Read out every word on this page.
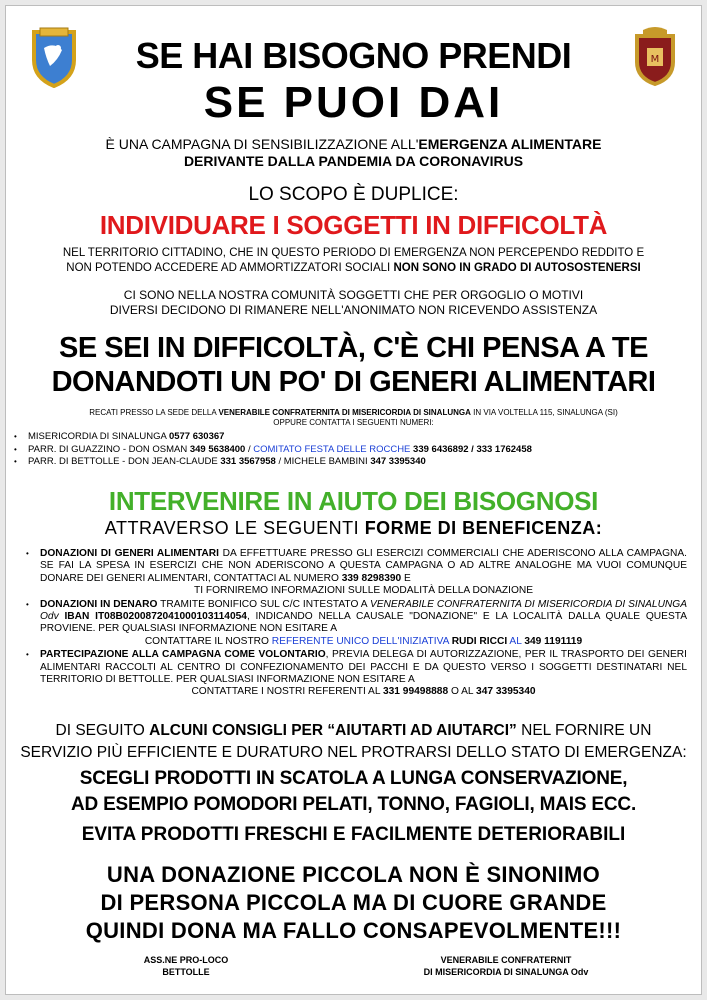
M
SE HAI BISOGNO PRENDI
SE PUOI DAI
È UNA CAMPAGNA DI SENSIBILIZZAZIONE ALL'EMERGENZA ALIMENTARE
DERIVANTE DALLA PANDEMIA DA CORONAVIRUS
LO SCOPO È DUPLICE:
INDIVIDUARE I SOGGETTI IN DIFFICOLTÀ
NEL TERRITORIO CITTADINO, CHE IN QUESTO PERIODO DI EMERGENZA NON PERCEPENDO REDDITO E
NON POTENDO ACCEDERE AD AMMORTIZZATORI SOCIALI NON SONO IN GRADO DI AUTOSOSTENERSI
CI SONO NELLA NOSTRA COMUNITÀ SOGGETTI CHE PER ORGOGLIO O MOTIVI
DIVERSI DECIDONO DI RIMANERE NELL'ANONIMATO NON RICEVENDO ASSISTENZA
SE SEI IN DIFFICOLTÀ, C'È CHI PENSA A TE
DONANDOTI UN PO' DI GENERI ALIMENTARI
RECATI PRESSO LA SEDE DELLA VENERABILE CONFRATERNITA DI MISERICORDIA DI SINALUNGA IN VIA VOLTELLA 115, SINALUNGA (SI)
OPPURE CONTATTA I SEGUENTI NUMERI:
• MISERICORDIA DI SINALUNGA 0577 630367
• PARR. DI GUAZZINO - DON OSMAN 349 5638400 / COMITATO FESTA DELLE ROCCHE 339 6436892 / 333 1762458
• PARR. DI BETTOLLE - DON JEAN-CLAUDE 331 3567958 / MICHELE BAMBINI 347 3395340
INTERVENIRE IN AIUTO DEI BISOGNOSI
ATTRAVERSO LE SEGUENTI FORME DI BENEFICENZA:
• DONAZIONI DI GENERI ALIMENTARI DA EFFETTUARE PRESSO GLI ESERCIZI COMMERCIALI CHE ADERISCONO ALLA CAMPAGNA. SE FAI LA SPESA IN ESERCIZI CHE NON ADERISCONO A QUESTA CAMPAGNA O AD ALTRE ANALOGHE MA VUOI COMUNQUE DONARE DEI GENERI ALIMENTARI, CONTATTACI AL NUMERO 339 8298390 E
TI FORNIREMO INFORMAZIONI SULLE MODALITÀ DELLA DONAZIONE
• DONAZIONI IN DENARO TRAMITE BONIFICO SUL C/C INTESTATO A VENERABILE CONFRATERNITA DI MISERICORDIA DI SINALUNGA Odv IBAN IT08B0200872041000103114054, INDICANDO NELLA CAUSALE "DONAZIONE" E LA LOCALITÀ DALLA QUALE QUESTA PROVIENE. PER QUALSIASI INFORMAZIONE NON ESITARE A
CONTATTARE IL NOSTRO REFERENTE UNICO DELL'INIZIATIVA RUDI RICCI AL 349 1191119
• PARTECIPAZIONE ALLA CAMPAGNA COME VOLONTARIO, PREVIA DELEGA DI AUTORIZZAZIONE, PER IL TRASPORTO DEI GENERI ALIMENTARI RACCOLTI AL CENTRO DI CONFEZIONAMENTO DEI PACCHI E DA QUESTO VERSO I SOGGETTI DESTINATARI NEL TERRITORIO DI BETTOLLE. PER QUALSIASI INFORMAZIONE NON ESITARE A
CONTATTARE I NOSTRI REFERENTI AL 331 99498888 O AL 347 3395340
DI SEGUITO ALCUNI CONSIGLI PER “AIUTARTI AD AIUTARCI” NEL FORNIRE UN
SERVIZIO PIÙ EFFICIENTE E DURATURO NEL PROTRARSI DELLO STATO DI EMERGENZA:
SCEGLI PRODOTTI IN SCATOLA A LUNGA CONSERVAZIONE,
AD ESEMPIO POMODORI PELATI, TONNO, FAGIOLI, MAIS ECC.
EVITA PRODOTTI FRESCHI E FACILMENTE DETERIORABILI
UNA DONAZIONE PICCOLA NON È SINONIMO
DI PERSONA PICCOLA MA DI CUORE GRANDE
QUINDI DONA MA FALLO CONSAPEVOLMENTE!!!
ASS.NE PRO-LOCO
BETTOLLE
VENERABILE CONFRATERNIT
DI MISERICORDIA DI SINALUNGA Odv
